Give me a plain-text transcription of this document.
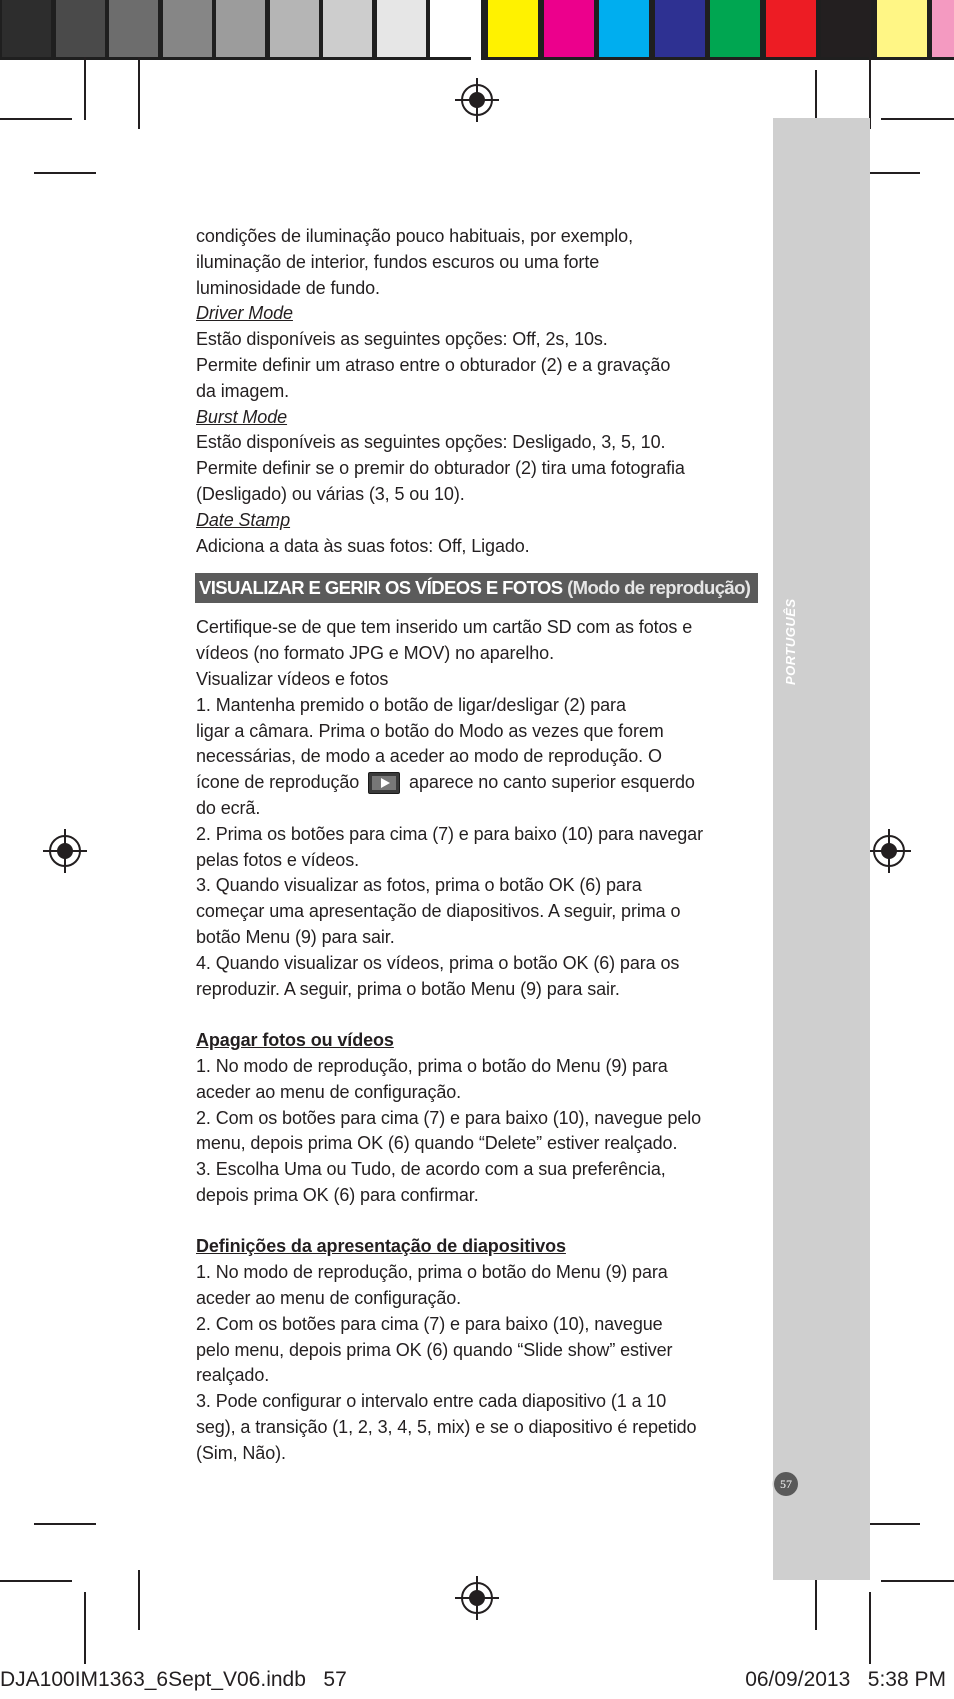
PORTUGUÊS
57

condições de iluminação pouco habituais, por exemplo,

iluminação de interior, fundos escuros ou uma forte

luminosidade de fundo.

Driver Mode

Estão disponíveis as seguintes opções: Off, 2s, 10s.

Permite definir um atraso entre o obturador (2) e a gravação

da imagem.

Burst Mode

Estão disponíveis as seguintes opções: Desligado, 3, 5, 10.

Permite definir se o premir do obturador (2) tira uma fotografia

(Desligado) ou várias (3, 5 ou 10).

Date Stamp

Adiciona a data às suas fotos: Off, Ligado.

VISUALIZAR E GERIR OS VÍDEOS E FOTOS (Modo de reprodução)

Certifique-se de que tem inserido um cartão SD com as fotos e

vídeos (no formato JPG e MOV) no aparelho.

Visualizar vídeos e fotos

1. Mantenha premido o botão de ligar/desligar (2) para

ligar a câmara. Prima o botão do Modo as vezes que forem

necessárias, de modo a aceder ao modo de reprodução. O

ícone de reprodução	aparece no canto superior esquerdo

do ecrã.

2. Prima os botões para cima (7) e para baixo (10) para navegar

pelas fotos e vídeos.

3. Quando visualizar as fotos, prima o botão OK (6) para

começar uma apresentação de diapositivos. A seguir, prima o

botão Menu (9) para sair.

4. Quando visualizar os vídeos, prima o botão OK (6) para os

reproduzir. A seguir, prima o botão Menu (9) para sair.

Apagar fotos ou vídeos

1. No modo de reprodução, prima o botão do Menu (9) para

aceder ao menu de configuração.

2. Com os botões para cima (7) e para baixo (10), navegue pelo

menu, depois prima OK (6) quando “Delete” estiver realçado.

3. Escolha Uma ou Tudo, de acordo com a sua preferência,

depois prima OK (6) para confirmar.

Definições da apresentação de diapositivos

1. No modo de reprodução, prima o botão do Menu (9) para

aceder ao menu de configuração.

2. Com os botões para cima (7) e para baixo (10), navegue

pelo menu, depois prima OK (6) quando “Slide show” estiver

realçado.

3. Pode configurar o intervalo entre cada diapositivo (1 a 10

seg), a transição (1, 2, 3, 4, 5, mix) e se o diapositivo é repetido

(Sim, Não).

DJA100IM1363_6Sept_V06.indb   57	06/09/2013   5:38 PM
